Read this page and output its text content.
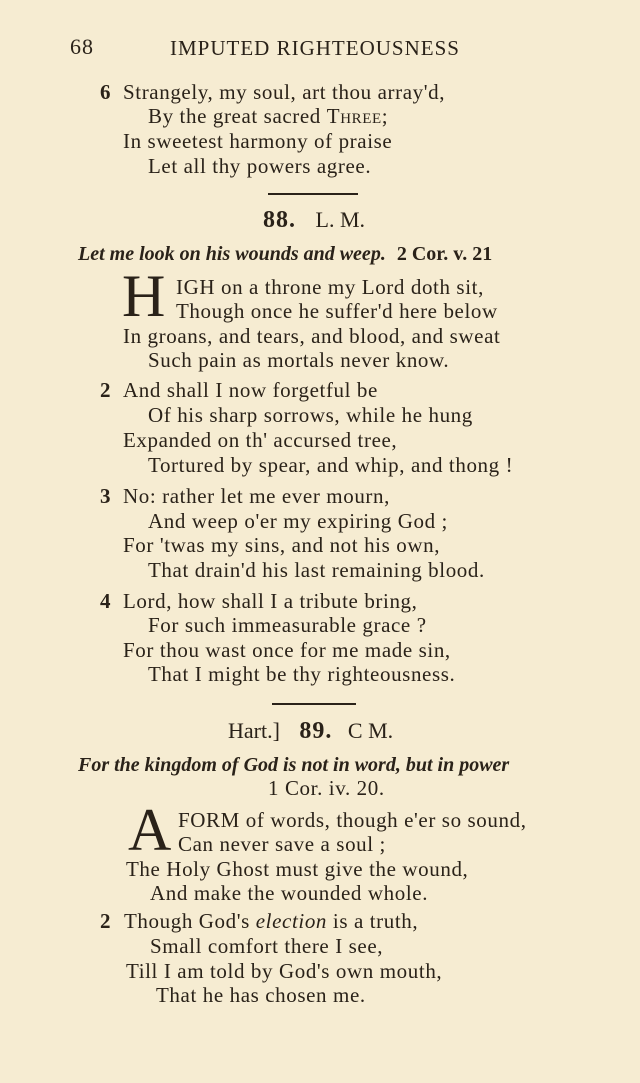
68	IMPUTED RIGHTEOUSNESS
6 Strangely, my soul, art thou array'd,
By the great sacred Three;
In sweetest harmony of praise
Let all thy powers agree.
88. L. M.
Let me look on his wounds and weep. 2 Cor. v. 21
H IGH on a throne my Lord doth sit,
Though once he suffer'd here below
In groans, and tears, and blood, and sweat
Such pain as mortals never know.
2 And shall I now forgetful be
Of his sharp sorrows, while he hung
Expanded on th' accursed tree,
Tortured by spear, and whip, and thong !
3 No: rather let me ever mourn,
And weep o'er my expiring God ;
For 'twas my sins, and not his own,
That drain'd his last remaining blood.
4 Lord, how shall I a tribute bring,
For such immeasurable grace ?
For thou wast once for me made sin,
That I might be thy righteousness.
Hart.] 89. C M.
For the kingdom of God is not in word, but in power
1 Cor. iv. 20.
A FORM of words, though e'er so sound,
Can never save a soul ;
The Holy Ghost must give the wound,
And make the wounded whole.
2 Though God's election is a truth,
Small comfort there I see,
Till I am told by God's own mouth,
That he has chosen me.
